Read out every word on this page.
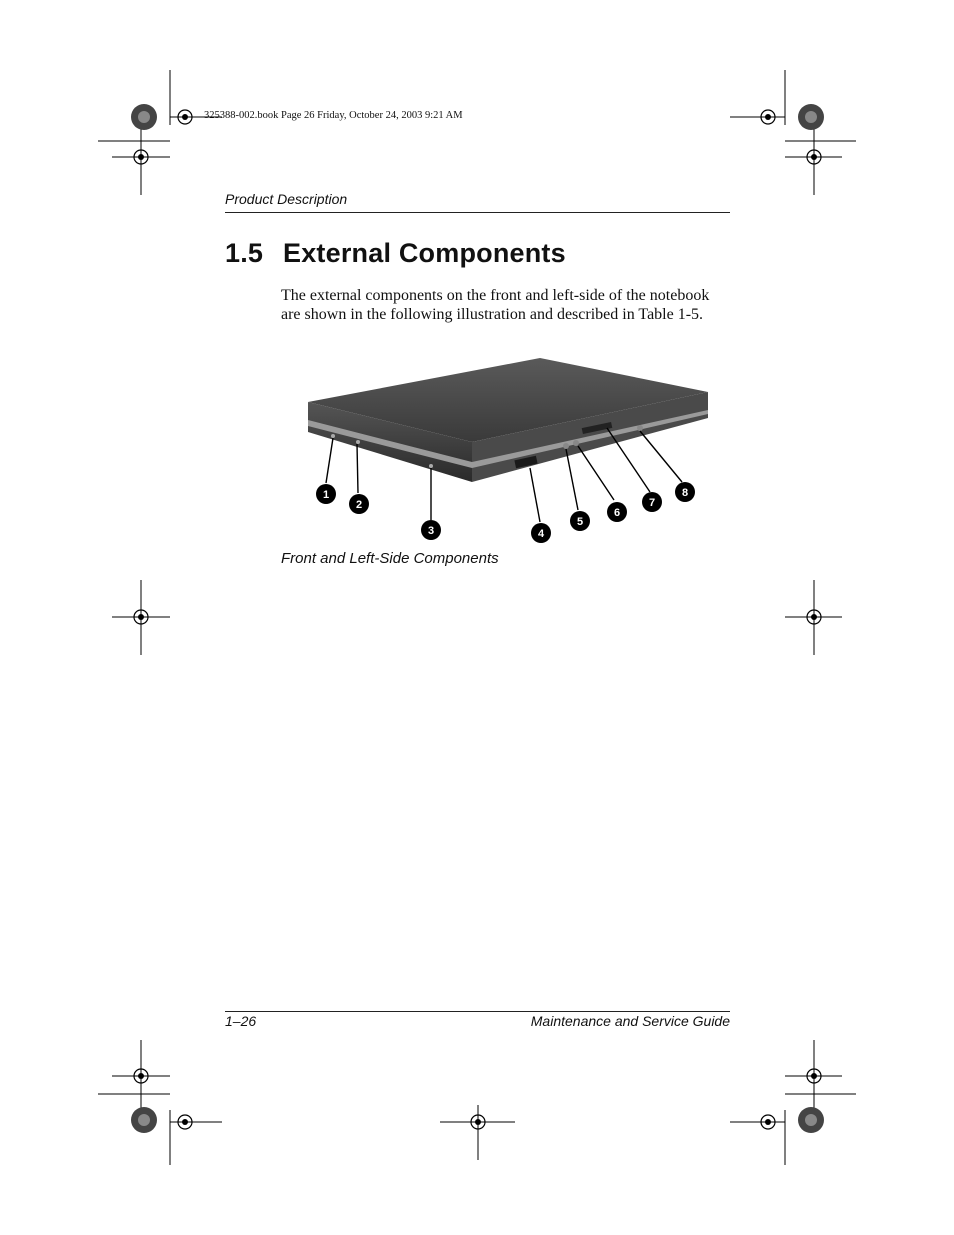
325388-002.book Page 26 Friday, October 24, 2003 9:21 AM
Product Description
1.5 External Components
The external components on the front and left-side of the notebook are shown in the following illustration and described in Table 1-5.
1
2
3	4
5
6
7
8
Front and Left-Side Components
1–26	Maintenance and Service Guide
